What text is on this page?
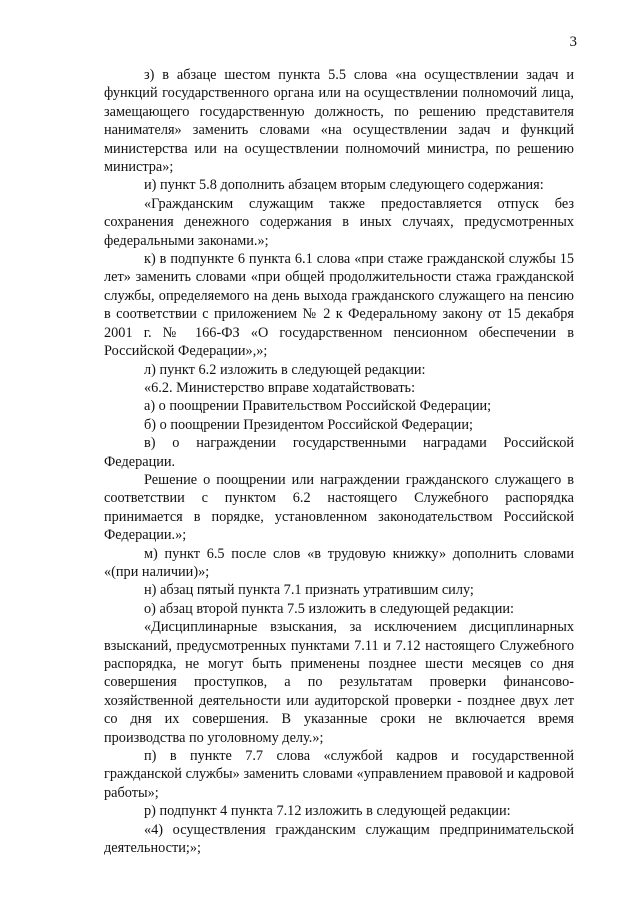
3

з) в абзаце шестом пункта 5.5 слова «на осуществлении задач и функций государственного органа или на осуществлении полномочий лица, замещающего государственную должность, по решению представителя нанимателя» заменить словами «на осуществлении задач и функций министерства или на осуществлении полномочий министра, по решению министра»;

и) пункт 5.8 дополнить абзацем вторым следующего содержания:

«Гражданским служащим также предоставляется отпуск без сохранения денежного содержания в иных случаях, предусмотренных федеральными законами.»;

к) в подпункте 6 пункта 6.1 слова «при стаже гражданской службы 15 лет» заменить словами «при общей продолжительности стажа гражданской службы, определяемого на день выхода гражданского служащего на пенсию в соответствии с приложением № 2 к Федеральному закону от 15 декабря 2001 г. № 166-ФЗ «О государственном пенсионном обеспечении в Российской Федерации»,»;

л) пункт 6.2 изложить в следующей редакции:

«6.2. Министерство вправе ходатайствовать:

а) о поощрении Правительством Российской Федерации;

б) о поощрении Президентом Российской Федерации;

в) о награждении государственными наградами Российской Федерации.

Решение о поощрении или награждении гражданского служащего в соответствии с пунктом 6.2 настоящего Служебного распорядка принимается в порядке, установленном законодательством Российской Федерации.»;

м) пункт 6.5 после слов «в трудовую книжку» дополнить словами «(при наличии)»;

н) абзац пятый пункта 7.1 признать утратившим силу;

о) абзац второй пункта 7.5 изложить в следующей редакции:

«Дисциплинарные взыскания, за исключением дисциплинарных взысканий, предусмотренных пунктами 7.11 и 7.12 настоящего Служебного распорядка, не могут быть применены позднее шести месяцев со дня совершения проступков, а по результатам проверки финансово-хозяйственной деятельности или аудиторской проверки - позднее двух лет со дня их совершения. В указанные сроки не включается время производства по уголовному делу.»;

п) в пункте 7.7 слова «службой кадров и государственной гражданской службы» заменить словами «управлением правовой и кадровой работы»;

р) подпункт 4 пункта 7.12 изложить в следующей редакции:

«4) осуществления гражданским служащим предпринимательской деятельности;»;
